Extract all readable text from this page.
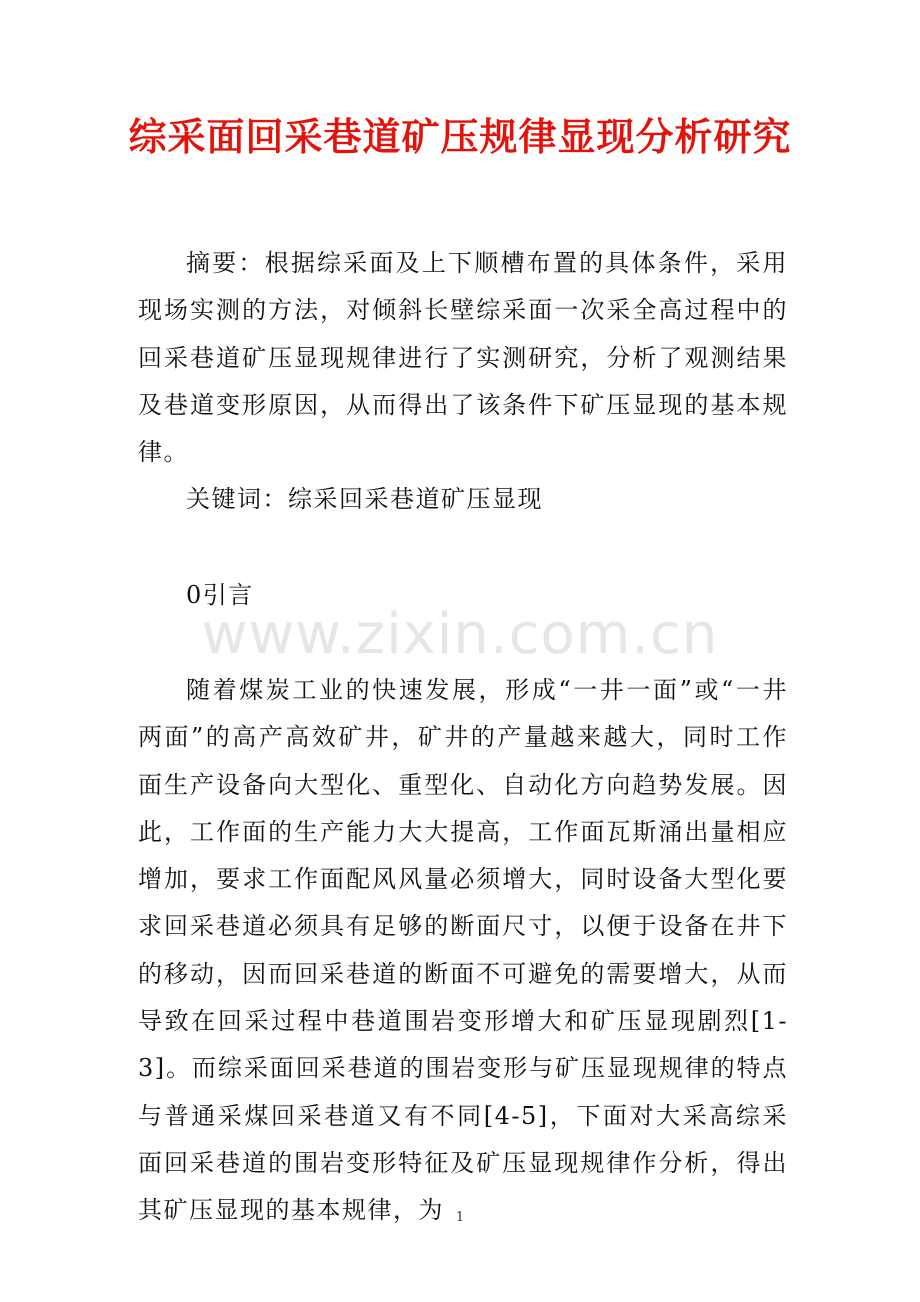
综采面回采巷道矿压规律显现分析研究

摘要：根据综采面及上下顺槽布置的具体条件，采用现场实测的方法，对倾斜长壁综采面一次采全高过程中的回采巷道矿压显现规律进行了实测研究，分析了观测结果及巷道变形原因，从而得出了该条件下矿压显现的基本规律。

关键词：综采回采巷道矿压显现

0引言

www.zixin.com.cn

随着煤炭工业的快速发展，形成“一井一面”或“一井两面”的高产高效矿井，矿井的产量越来越大，同时工作面生产设备向大型化、重型化、自动化方向趋势发展。因此，工作面的生产能力大大提高，工作面瓦斯涌出量相应增加，要求工作面配风风量必须增大，同时设备大型化要求回采巷道必须具有足够的断面尺寸，以便于设备在井下的移动，因而回采巷道的断面不可避免的需要增大，从而导致在回采过程中巷道围岩变形增大和矿压显现剧烈[1-3]。而综采面回采巷道的围岩变形与矿压显现规律的特点与普通采煤回采巷道又有不同[4-5]，下面对大采高综采面回采巷道的围岩变形特征及矿压显现规律作分析，得出其矿压显现的基本规律，为 1
